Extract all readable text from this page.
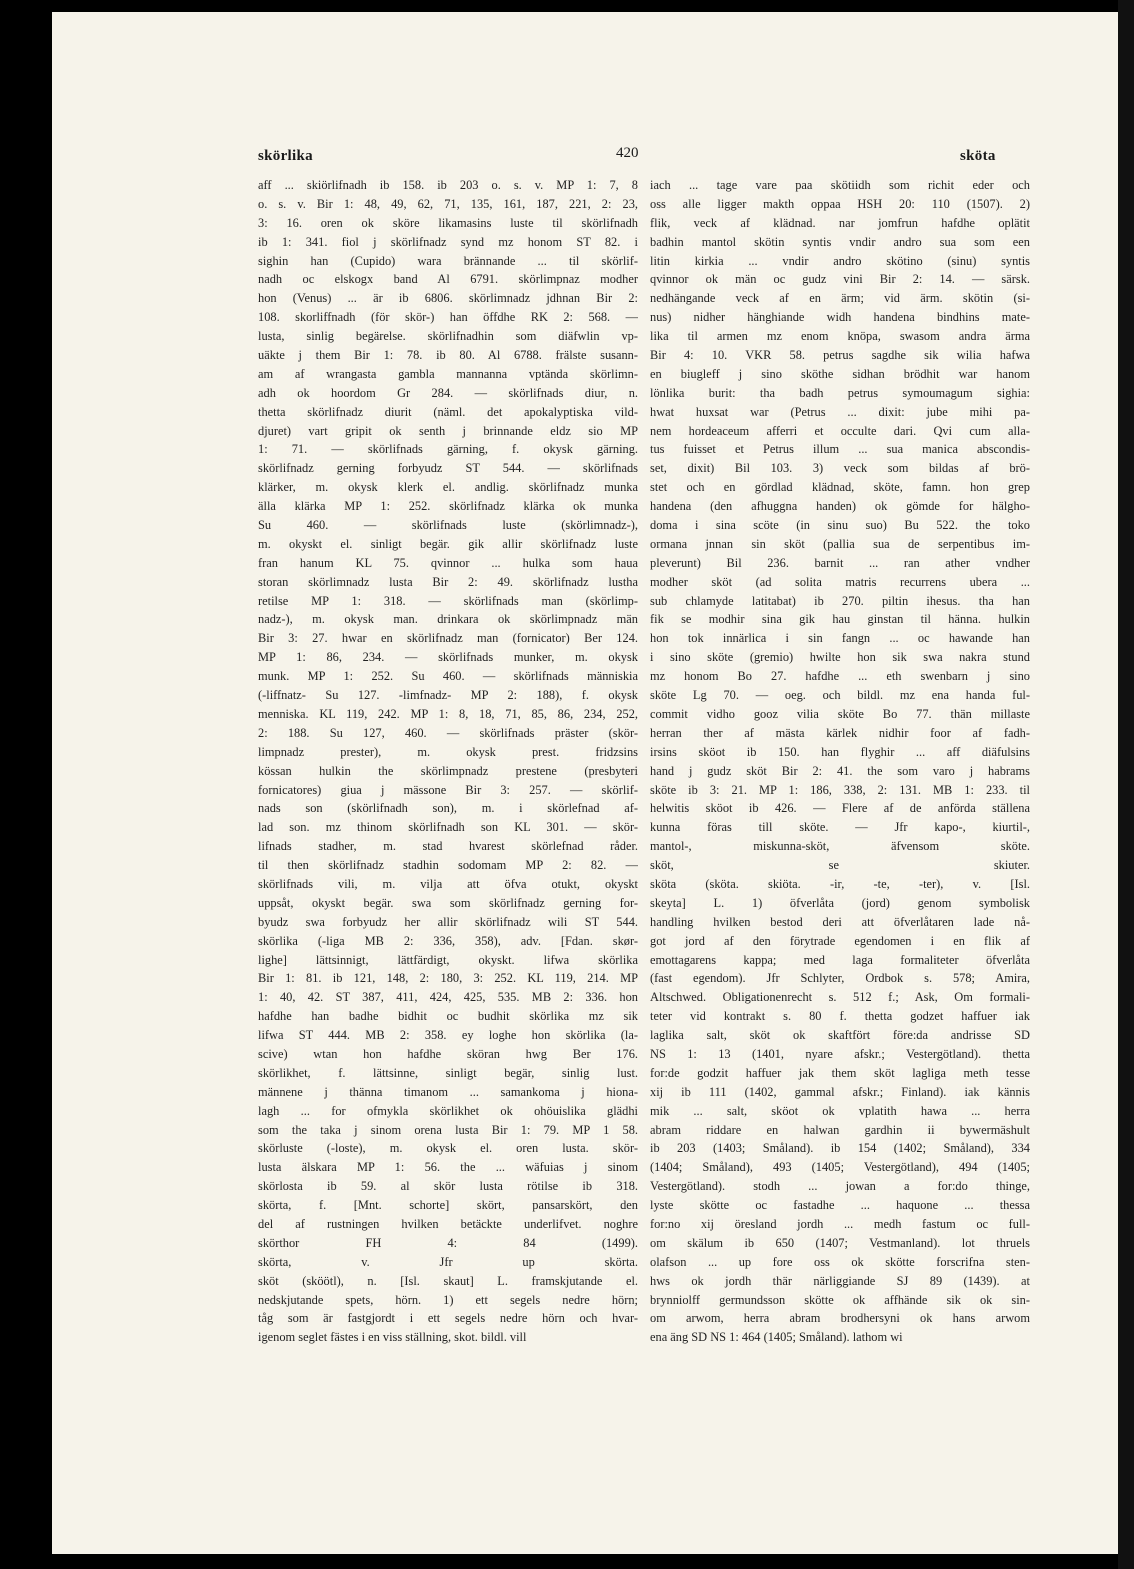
skörlika	420	sköta
aff ... skiörlifnadh ib 158. ib 203 o. s. v. MP 1: 7, 8
o. s. v. Bir 1: 48, 49, 62, 71, 135, 161, 187, 221, 2: 23,
3: 16. oren ok sköre likamasins luste til skörlifnadh
ib 1: 341. fiol j skörlifnadz synd mz honom ST 82. i
sighin han (Cupido) wara brännande ... til skörlif-
nadh oc elskogx band Al 6791. skörlimpnaz modher
hon (Venus) ... är ib 6806. skörlimnadz jdhnan Bir 2:
108. skorliffnadh (för skör-) han öffdhe RK 2: 568. —
lusta, sinlig begärelse. skörlifnadhin som diäfwlin vp-
uäkte j them Bir 1: 78. ib 80. Al 6788. frälste susann-
am af wrangasta gambla mannanna vptända skörlimn-
adh ok hoordom Gr 284. — skörlifnads diur, n.
thetta skörlifnadz diurit (näml. det apokalyptiska vild-
djuret) vart gripit ok senth j brinnande eldz sio MP
1: 71. — skörlifnads gärning, f. okysk gärning.
skörlifnadz gerning forbyudz ST 544. — skörlifnads
klärker, m. okysk klerk el. andlig. skörlifnadz munka
älla klärka MP 1: 252. skörlifnadz klärka ok munka
Su 460. — skörlifnads luste (skörlimnadz-),
m. okyskt el. sinligt begär. gik allir skörlifnadz luste
fran hanum KL 75. qvinnor ... hulka som haua
storan skörlimnadz lusta Bir 2: 49. skörlifnadz lustha
retilse MP 1: 318. — skörlifnads man (skörlimp-
nadz-), m. okysk man. drinkara ok skörlimpnadz män
Bir 3: 27. hwar en skörlifnadz man (fornicator) Ber 124.
MP 1: 86, 234. — skörlifnads munker, m. okysk
munk. MP 1: 252. Su 460. — skörlifnads människia
(-liffnatz- Su 127. -limfnadz- MP 2: 188), f. okysk
menniska. KL 119, 242. MP 1: 8, 18, 71, 85, 86, 234, 252,
2: 188. Su 127, 460. — skörlifnads präster (skör-
limpnadz prester), m. okysk prest. fridzsins
kössan hulkin the skörlimpnadz prestene (presbyteri
fornicatores) giua j mässone Bir 3: 257. — skörlif-
nads son (skörlifnadh son), m. i skörlefnad af-
lad son. mz thinom skörlifnadh son KL 301. — skör-
lifnads stadher, m. stad hvarest skörlefnad råder.
til then skörlifnadz stadhin sodomam MP 2: 82. —
skörlifnads vili, m. vilja att öfva otukt, okyskt
uppsåt, okyskt begär. swa som skörlifnadz gerning for-
byudz swa forbyudz her allir skörlifnadz wili ST 544.
skörlika (-liga MB 2: 336, 358), adv. [Fdan. skør-
lighe] lättsinnigt, lättfärdigt, okyskt. lifwa skörlika
Bir 1: 81. ib 121, 148, 2: 180, 3: 252. KL 119, 214. MP
1: 40, 42. ST 387, 411, 424, 425, 535. MB 2: 336. hon
hafdhe han badhe bidhit oc budhit skörlika mz sik
lifwa ST 444. MB 2: 358. ey loghe hon skörlika (la-
scive) wtan hon hafdhe sköran hwg Ber 176.
skörlikhet, f. lättsinne, sinligt begär, sinlig lust.
männene j thänna timanom ... samankoma j hiona-
lagh ... for ofmykla skörlikhet ok ohöuislika glädhi
som the taka j sinom orena lusta Bir 1: 79. MP 1 58.
skörluste (-loste), m. okysk el. oren lusta. skör-
lusta älskara MP 1: 56. the ... wäfuias j sinom
skörlosta ib 59. al skör lusta rötilse ib 318.
skörta, f. [Mnt. schorte] skört, pansarskört, den
del af rustningen hvilken betäckte underlifvet. noghre
skörthor FH 4: 84 (1499).
skörta, v. Jfr up skörta.
sköt (sköötl), n. [Isl. skaut] L. framskjutande el.
nedskjutande spets, hörn. 1) ett segels nedre hörn;
tåg som är fastgjordt i ett segels nedre hörn och hvar-
igenom seglet fästes i en viss ställning, skot. bildl. vill
iach ... tage vare paa skötiidh som richit eder och
oss alle ligger makth oppaa HSH 20: 110 (1507). 2)
flik, veck af klädnad. nar jomfrun hafdhe oplätit
badhin mantol skötin syntis vndir andro sua som een
litin kirkia ... vndir andro skötino (sinu) syntis
qvinnor ok män oc gudz vini Bir 2: 14. — särsk.
nedhängande veck af en ärm; vid ärm. skötin (si-
nus) nidher hänghiande widh handena bindhins mate-
lika til armen mz enom knöpa, swasom andra ärma
Bir 4: 10. VKR 58. petrus sagdhe sik wilia hafwa
en biugleff j sino sköthe sidhan brödhit war hanom
lönlika burit: tha badh petrus symoumagum sighia:
hwat huxsat war (Petrus ... dixit: jube mihi pa-
nem hordeaceum afferri et occulte dari. Qvi cum alla-
tus fuisset et Petrus illum ... sua manica abscondis-
set, dixit) Bil 103. 3) veck som bildas af brö-
stet och en gördlad klädnad, sköte, famn. hon grep
handena (den afhuggna handen) ok gömde for hälgho-
doma i sina scöte (in sinu suo) Bu 522. the toko
ormana jnnan sin sköt (pallia sua de serpentibus im-
pleverunt) Bil 236. barnit ... ran ather vndher
modher sköt (ad solita matris recurrens ubera ...
sub chlamyde latitabat) ib 270. piltin ihesus. tha han
fik se modhir sina gik hau ginstan til hänna. hulkin
hon tok innärlica i sin fangn ... oc hawande han
i sino sköte (gremio) hwilte hon sik swa nakra stund
mz honom Bo 27. hafdhe ... eth swenbarn j sino
sköte Lg 70. — oeg. och bildl. mz ena handa ful-
commit vidho gooz vilia sköte Bo 77. thän millaste
herran ther af mästa kärlek nidhir foor af fadh-
irsins sköot ib 150. han flyghir ... aff diäfulsins
hand j gudz sköt Bir 2: 41. the som varo j habrams
sköte ib 3: 21. MP 1: 186, 338, 2: 131. MB 1: 233. til
helwitis sköot ib 426. — Flere af de anförda ställena
kunna föras till sköte. — Jfr kapo-, kiurtil-,
mantol-, miskunna-sköt, äfvensom sköte.
sköt, se skiuter.
sköta (sköta. skiöta. -ir, -te, -ter), v. [Isl.
skeyta] L. 1) öfverlåta (jord) genom symbolisk
handling hvilken bestod deri att öfverlåtaren lade nå-
got jord af den förytrade egendomen i en flik af
emottagarens kappa; med laga formaliteter öfverlåta
(fast egendom). Jfr Schlyter, Ordbok s. 578; Amira,
Altschwed. Obligationenrecht s. 512 f.; Ask, Om formali-
teter vid kontrakt s. 80 f. thetta godzet haffuer iak
laglika salt, sköt ok skaftfört före:da andrisse SD
NS 1: 13 (1401, nyare afskr.; Vestergötland). thetta
for:de godzit haffuer jak them sköt lagliga meth tesse
xij ib 111 (1402, gammal afskr.; Finland). iak kännis
mik ... salt, sköot ok vplatith hawa ... herra
abram riddare en halwan gardhin ii bywermäshult
ib 203 (1403; Småland). ib 154 (1402; Småland), 334
(1404; Småland), 493 (1405; Vestergötland), 494 (1405;
Vestergötland). stodh ... jowan a for:do thinge,
lyste skötte oc fastadhe ... haquone ... thessa
for:no xij öresland jordh ... medh fastum oc full-
om skälum ib 650 (1407; Vestmanland). lot thruels
olafson ... up fore oss ok skötte forscrifna sten-
hws ok jordh thär närliggiande SJ 89 (1439). at
brynniolff germundsson skötte ok affhände sik ok sin-
om arwom, herra abram brodhersyni ok hans arwom
ena äng SD NS 1: 464 (1405; Småland). lathom wi
